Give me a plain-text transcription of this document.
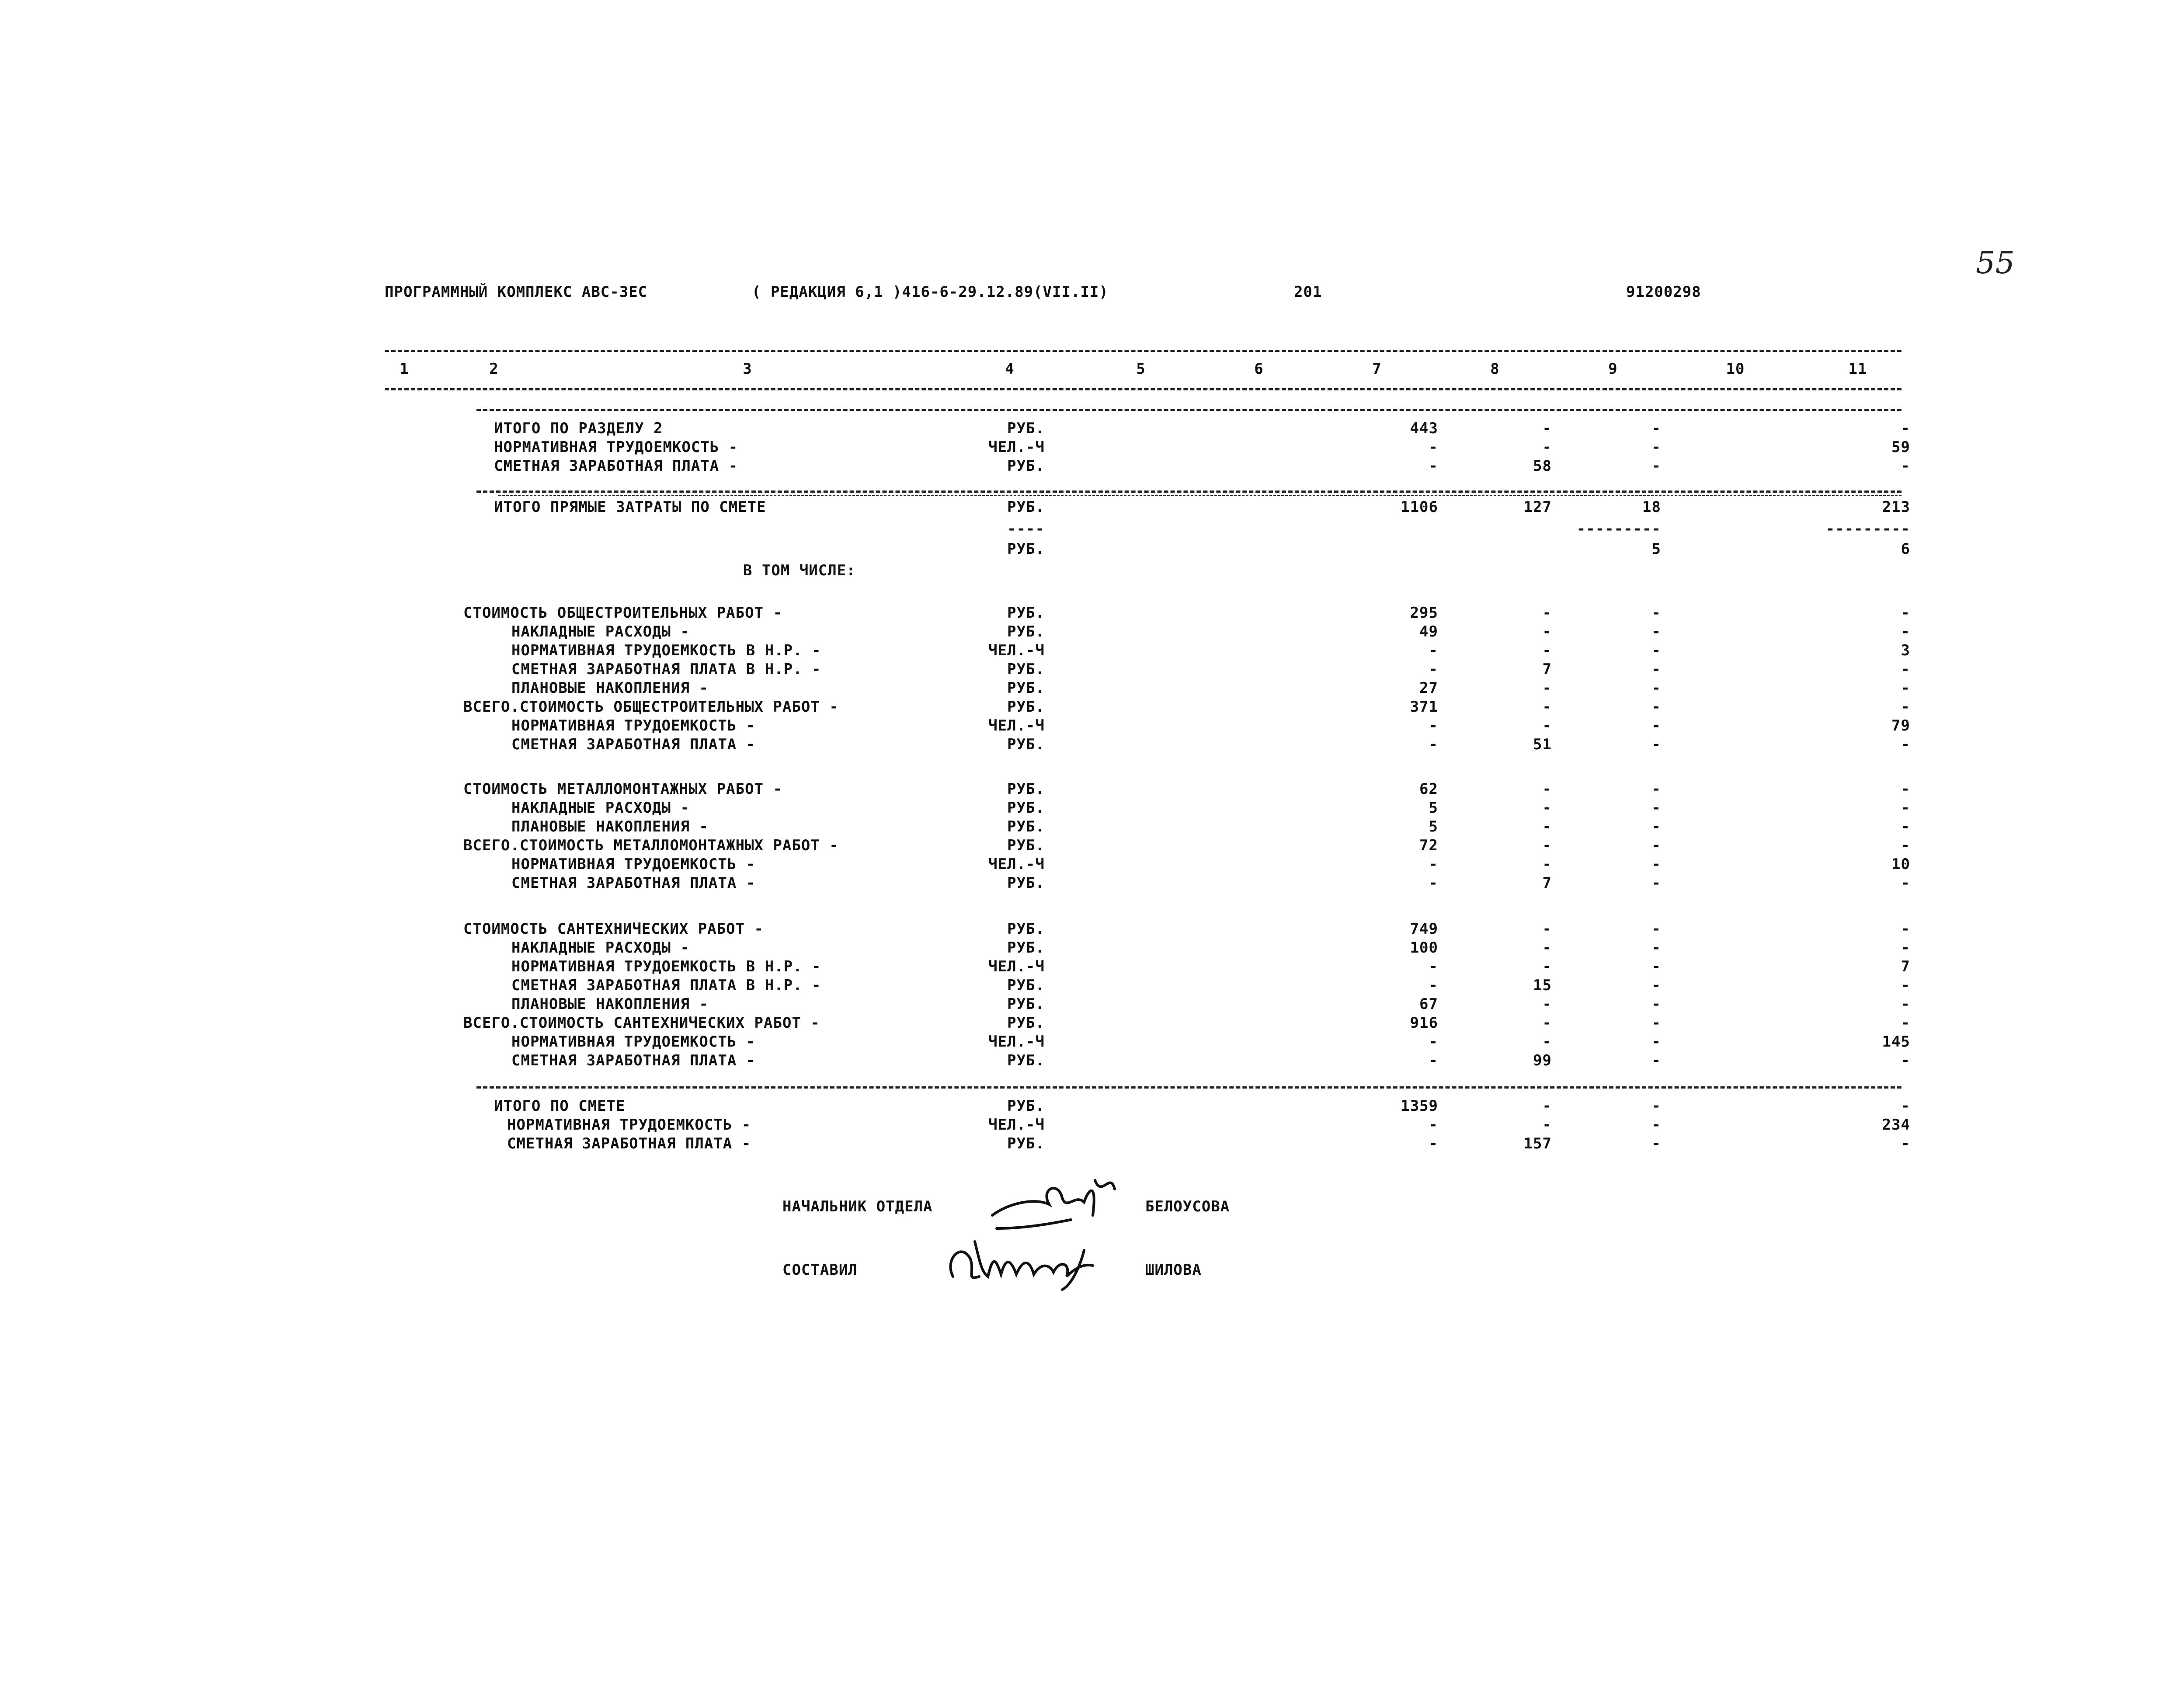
55
ПРОГРАММНЫЙ КОМПЛЕКС АВС-3ЕС	( РЕДАКЦИЯ 6,1 )416-6-29.12.89(VII.II)	201	91200298
1	2	3	4	5	6	7	8	9	10	11
ИТОГО ПО РАЗДЕЛУ 2	РУБ.	443	-	-	-
НОРМАТИВНАЯ ТРУДОЕМКОСТЬ -	ЧЕЛ.-Ч	-	-	-	59
СМЕТНАЯ ЗАРАБОТНАЯ ПЛАТА -	РУБ.	-	58	-	-
ИТОГО ПРЯМЫЕ ЗАТРАТЫ ПО СМЕТЕ	РУБ.	1106	127	18	213
----	---------	---------
РУБ.	5	6
В ТОМ ЧИСЛЕ:
СТОИМОСТЬ ОБЩЕСТРОИТЕЛЬНЫХ РАБОТ -	РУБ.	295	-	-	-
НАКЛАДНЫЕ РАСХОДЫ -	РУБ.	49	-	-	-
НОРМАТИВНАЯ ТРУДОЕМКОСТЬ В Н.Р. -	ЧЕЛ.-Ч	-	-	-	3
СМЕТНАЯ ЗАРАБОТНАЯ ПЛАТА В Н.Р. -	РУБ.	-	7	-	-
ПЛАНОВЫЕ НАКОПЛЕНИЯ -	РУБ.	27	-	-	-
ВСЕГО.СТОИМОСТЬ ОБЩЕСТРОИТЕЛЬНЫХ РАБОТ -	РУБ.	371	-	-	-
НОРМАТИВНАЯ ТРУДОЕМКОСТЬ -	ЧЕЛ.-Ч	-	-	-	79
СМЕТНАЯ ЗАРАБОТНАЯ ПЛАТА -	РУБ.	-	51	-	-
СТОИМОСТЬ МЕТАЛЛОМОНТАЖНЫХ РАБОТ -	РУБ.	62	-	-	-
НАКЛАДНЫЕ РАСХОДЫ -	РУБ.	5	-	-	-
ПЛАНОВЫЕ НАКОПЛЕНИЯ -	РУБ.	5	-	-	-
ВСЕГО.СТОИМОСТЬ МЕТАЛЛОМОНТАЖНЫХ РАБОТ -	РУБ.	72	-	-	-
НОРМАТИВНАЯ ТРУДОЕМКОСТЬ -	ЧЕЛ.-Ч	-	-	-	10
СМЕТНАЯ ЗАРАБОТНАЯ ПЛАТА -	РУБ.	-	7	-	-
СТОИМОСТЬ САНТЕХНИЧЕСКИХ РАБОТ -	РУБ.	749	-	-	-
НАКЛАДНЫЕ РАСХОДЫ -	РУБ.	100	-	-	-
НОРМАТИВНАЯ ТРУДОЕМКОСТЬ В Н.Р. -	ЧЕЛ.-Ч	-	-	-	7
СМЕТНАЯ ЗАРАБОТНАЯ ПЛАТА В Н.Р. -	РУБ.	-	15	-	-
ПЛАНОВЫЕ НАКОПЛЕНИЯ -	РУБ.	67	-	-	-
ВСЕГО.СТОИМОСТЬ САНТЕХНИЧЕСКИХ РАБОТ -	РУБ.	916	-	-	-
НОРМАТИВНАЯ ТРУДОЕМКОСТЬ -	ЧЕЛ.-Ч	-	-	-	145
СМЕТНАЯ ЗАРАБОТНАЯ ПЛАТА -	РУБ.	-	99	-	-
ИТОГО ПО СМЕТЕ	РУБ.	1359	-	-	-
НОРМАТИВНАЯ ТРУДОЕМКОСТЬ -	ЧЕЛ.-Ч	-	-	-	234
СМЕТНАЯ ЗАРАБОТНАЯ ПЛАТА -	РУБ.	-	157	-	-
НАЧАЛЬНИК ОТДЕЛА	БЕЛОУСОВА
СОСТАВИЛ	ШИЛОВА
